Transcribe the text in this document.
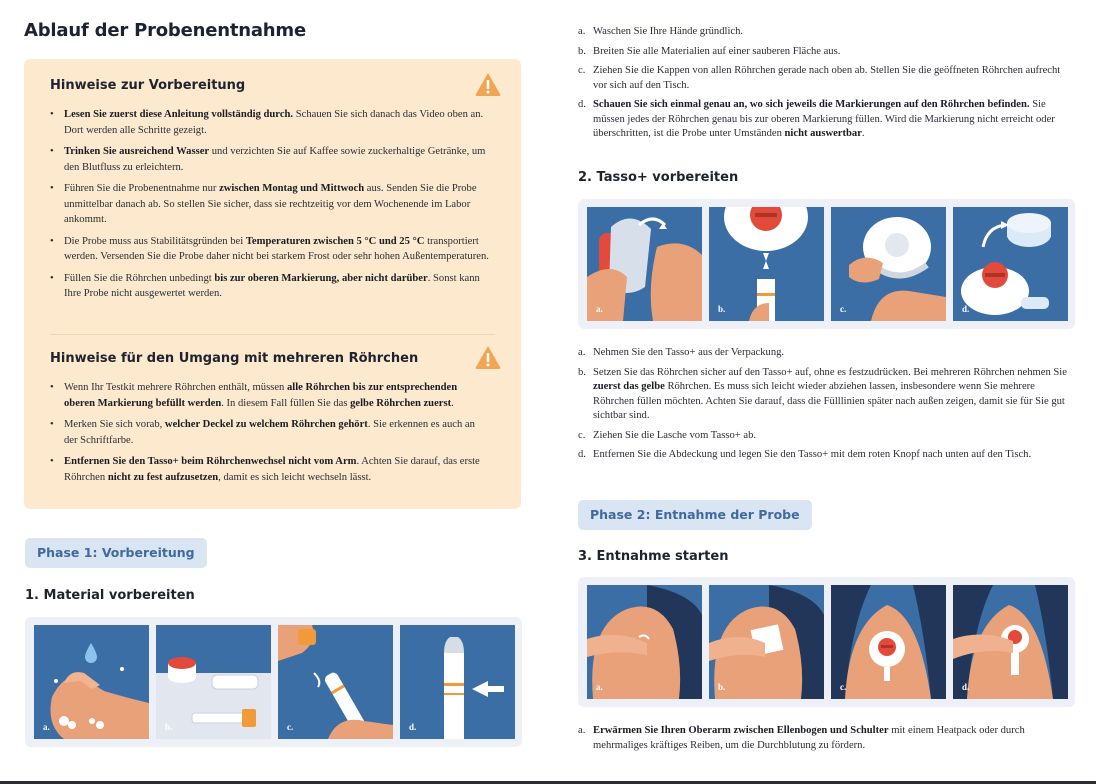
Ablauf der Probenentnahme
Hinweise zur Vorbereitung
• Lesen Sie zuerst diese Anleitung vollständig durch. Schauen Sie sich danach das Video oben an. Dort werden alle Schritte gezeigt.
• Trinken Sie ausreichend Wasser und verzichten Sie auf Kaffee sowie zuckerhaltige Getränke, um den Blutfluss zu erleichtern.
• Führen Sie die Probenentnahme nur zwischen Montag und Mittwoch aus. Senden Sie die Probe unmittelbar danach ab. So stellen Sie sicher, dass sie rechtzeitig vor dem Wochenende im Labor ankommt.
• Die Probe muss aus Stabilitätsgründen bei Temperaturen zwischen 5 °C und 25 °C transportiert werden. Versenden Sie die Probe daher nicht bei starkem Frost oder sehr hohen Außentemperaturen.
• Füllen Sie die Röhrchen unbedingt bis zur oberen Markierung, aber nicht darüber. Sonst kann Ihre Probe nicht ausgewertet werden.
Hinweise für den Umgang mit mehreren Röhrchen
• Wenn Ihr Testkit mehrere Röhrchen enthält, müssen alle Röhrchen bis zur entsprechenden oberen Markierung befüllt werden. In diesem Fall füllen Sie das gelbe Röhrchen zuerst.
• Merken Sie sich vorab, welcher Deckel zu welchem Röhrchen gehört. Sie erkennen es auch an der Schriftfarbe.
• Entfernen Sie den Tasso+ beim Röhrchenwechsel nicht vom Arm. Achten Sie darauf, das erste Röhrchen nicht zu fest aufzusetzen, damit es sich leicht wechseln lässt.
Phase 1: Vorbereitung
1. Material vorbereiten
a.	b.	c.	d.
a. Waschen Sie Ihre Hände gründlich.
b. Breiten Sie alle Materialien auf einer sauberen Fläche aus.
c. Ziehen Sie die Kappen von allen Röhrchen gerade nach oben ab. Stellen Sie die geöffneten Röhrchen aufrecht vor sich auf den Tisch.
d. Schauen Sie sich einmal genau an, wo sich jeweils die Markierungen auf den Röhrchen befinden. Sie müssen jedes der Röhrchen genau bis zur oberen Markierung füllen. Wird die Markierung nicht erreicht oder überschritten, ist die Probe unter Umständen nicht auswertbar.
2. Tasso+ vorbereiten
a.	b.	c.	d.
a. Nehmen Sie den Tasso+ aus der Verpackung.
b. Setzen Sie das Röhrchen sicher auf den Tasso+ auf, ohne es festzudrücken. Bei mehreren Röhrchen nehmen Sie zuerst das gelbe Röhrchen. Es muss sich leicht wieder abziehen lassen, insbesondere wenn Sie mehrere Röhrchen füllen möchten. Achten Sie darauf, dass die Fülllinien später nach außen zeigen, damit sie für Sie gut sichtbar sind.
c. Ziehen Sie die Lasche vom Tasso+ ab.
d. Entfernen Sie die Abdeckung und legen Sie den Tasso+ mit dem roten Knopf nach unten auf den Tisch.
Phase 2: Entnahme der Probe
3. Entnahme starten
a.	b.	c.	d.
a. Erwärmen Sie Ihren Oberarm zwischen Ellenbogen und Schulter mit einem Heatpack oder durch mehrmaliges kräftiges Reiben, um die Durchblutung zu fördern.
